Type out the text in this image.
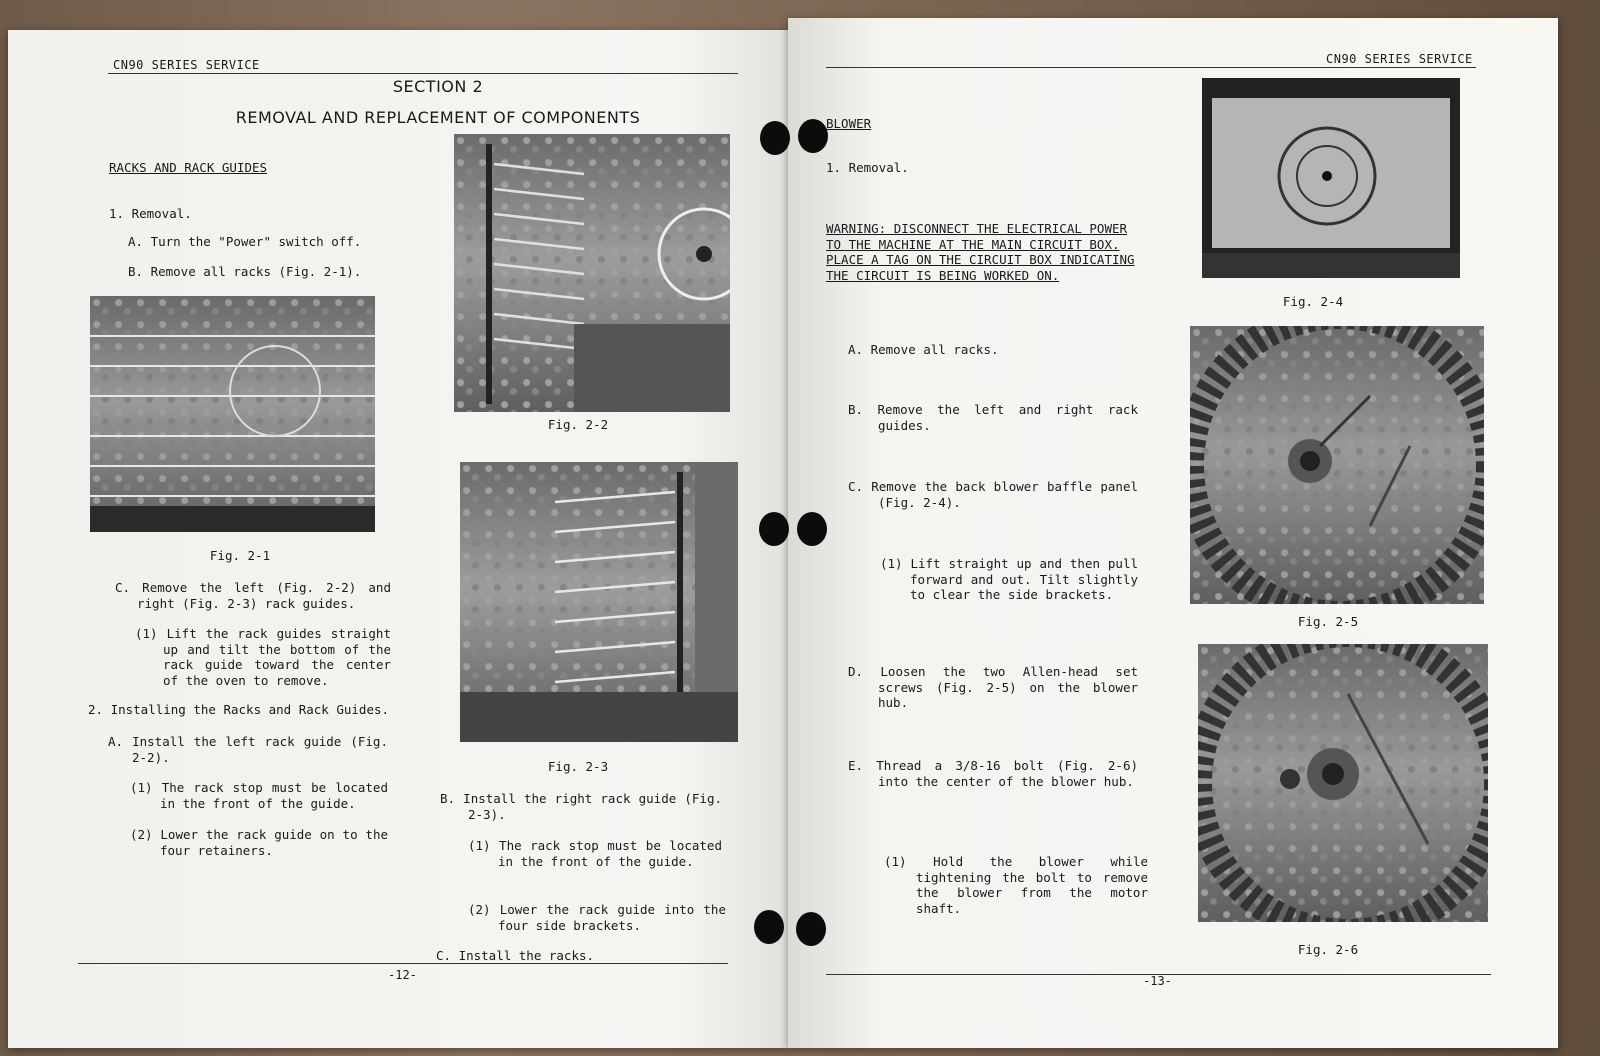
CN90 SERIES SERVICE
SECTION 2
REMOVAL AND REPLACEMENT OF COMPONENTS
RACKS AND RACK GUIDES
1. Removal.
A. Turn the "Power" switch off.
B. Remove all racks (Fig. 2-1).
Fig. 2-1
Fig. 2-2
Fig. 2-3
C. Remove the left (Fig. 2-2) and right (Fig. 2-3) rack guides.
(1) Lift the rack guides straight up and tilt the bottom of the rack guide toward the center of the oven to remove.
2. Installing the Racks and Rack Guides.
A. Install the left rack guide (Fig. 2-2).
(1) The rack stop must be located in the front of the guide.
(2) Lower the rack guide on to the four retainers.
B. Install the right rack guide (Fig. 2-3).
(1) The rack stop must be located in the front of the guide.
(2) Lower the rack guide into the four side brackets.
C. Install the racks.
-12-
CN90 SERIES SERVICE
BLOWER
1. Removal.
WARNING: DISCONNECT THE ELECTRICAL POWER TO THE MACHINE AT THE MAIN CIRCUIT BOX. PLACE A TAG ON THE CIRCUIT BOX INDICATING THE CIRCUIT IS BEING WORKED ON.
A. Remove all racks.
B. Remove the left and right rack guides.
C. Remove the back blower baffle panel (Fig. 2-4).
(1) Lift straight up and then pull forward and out. Tilt slightly to clear the side brackets.
D. Loosen the two Allen-head set screws (Fig. 2-5) on the blower hub.
E. Thread a 3/8-16 bolt (Fig. 2-6) into the center of the blower hub.
(1) Hold the blower while tightening the bolt to remove the blower from the motor shaft.
Fig. 2-4
Fig. 2-5
Fig. 2-6
-13-
